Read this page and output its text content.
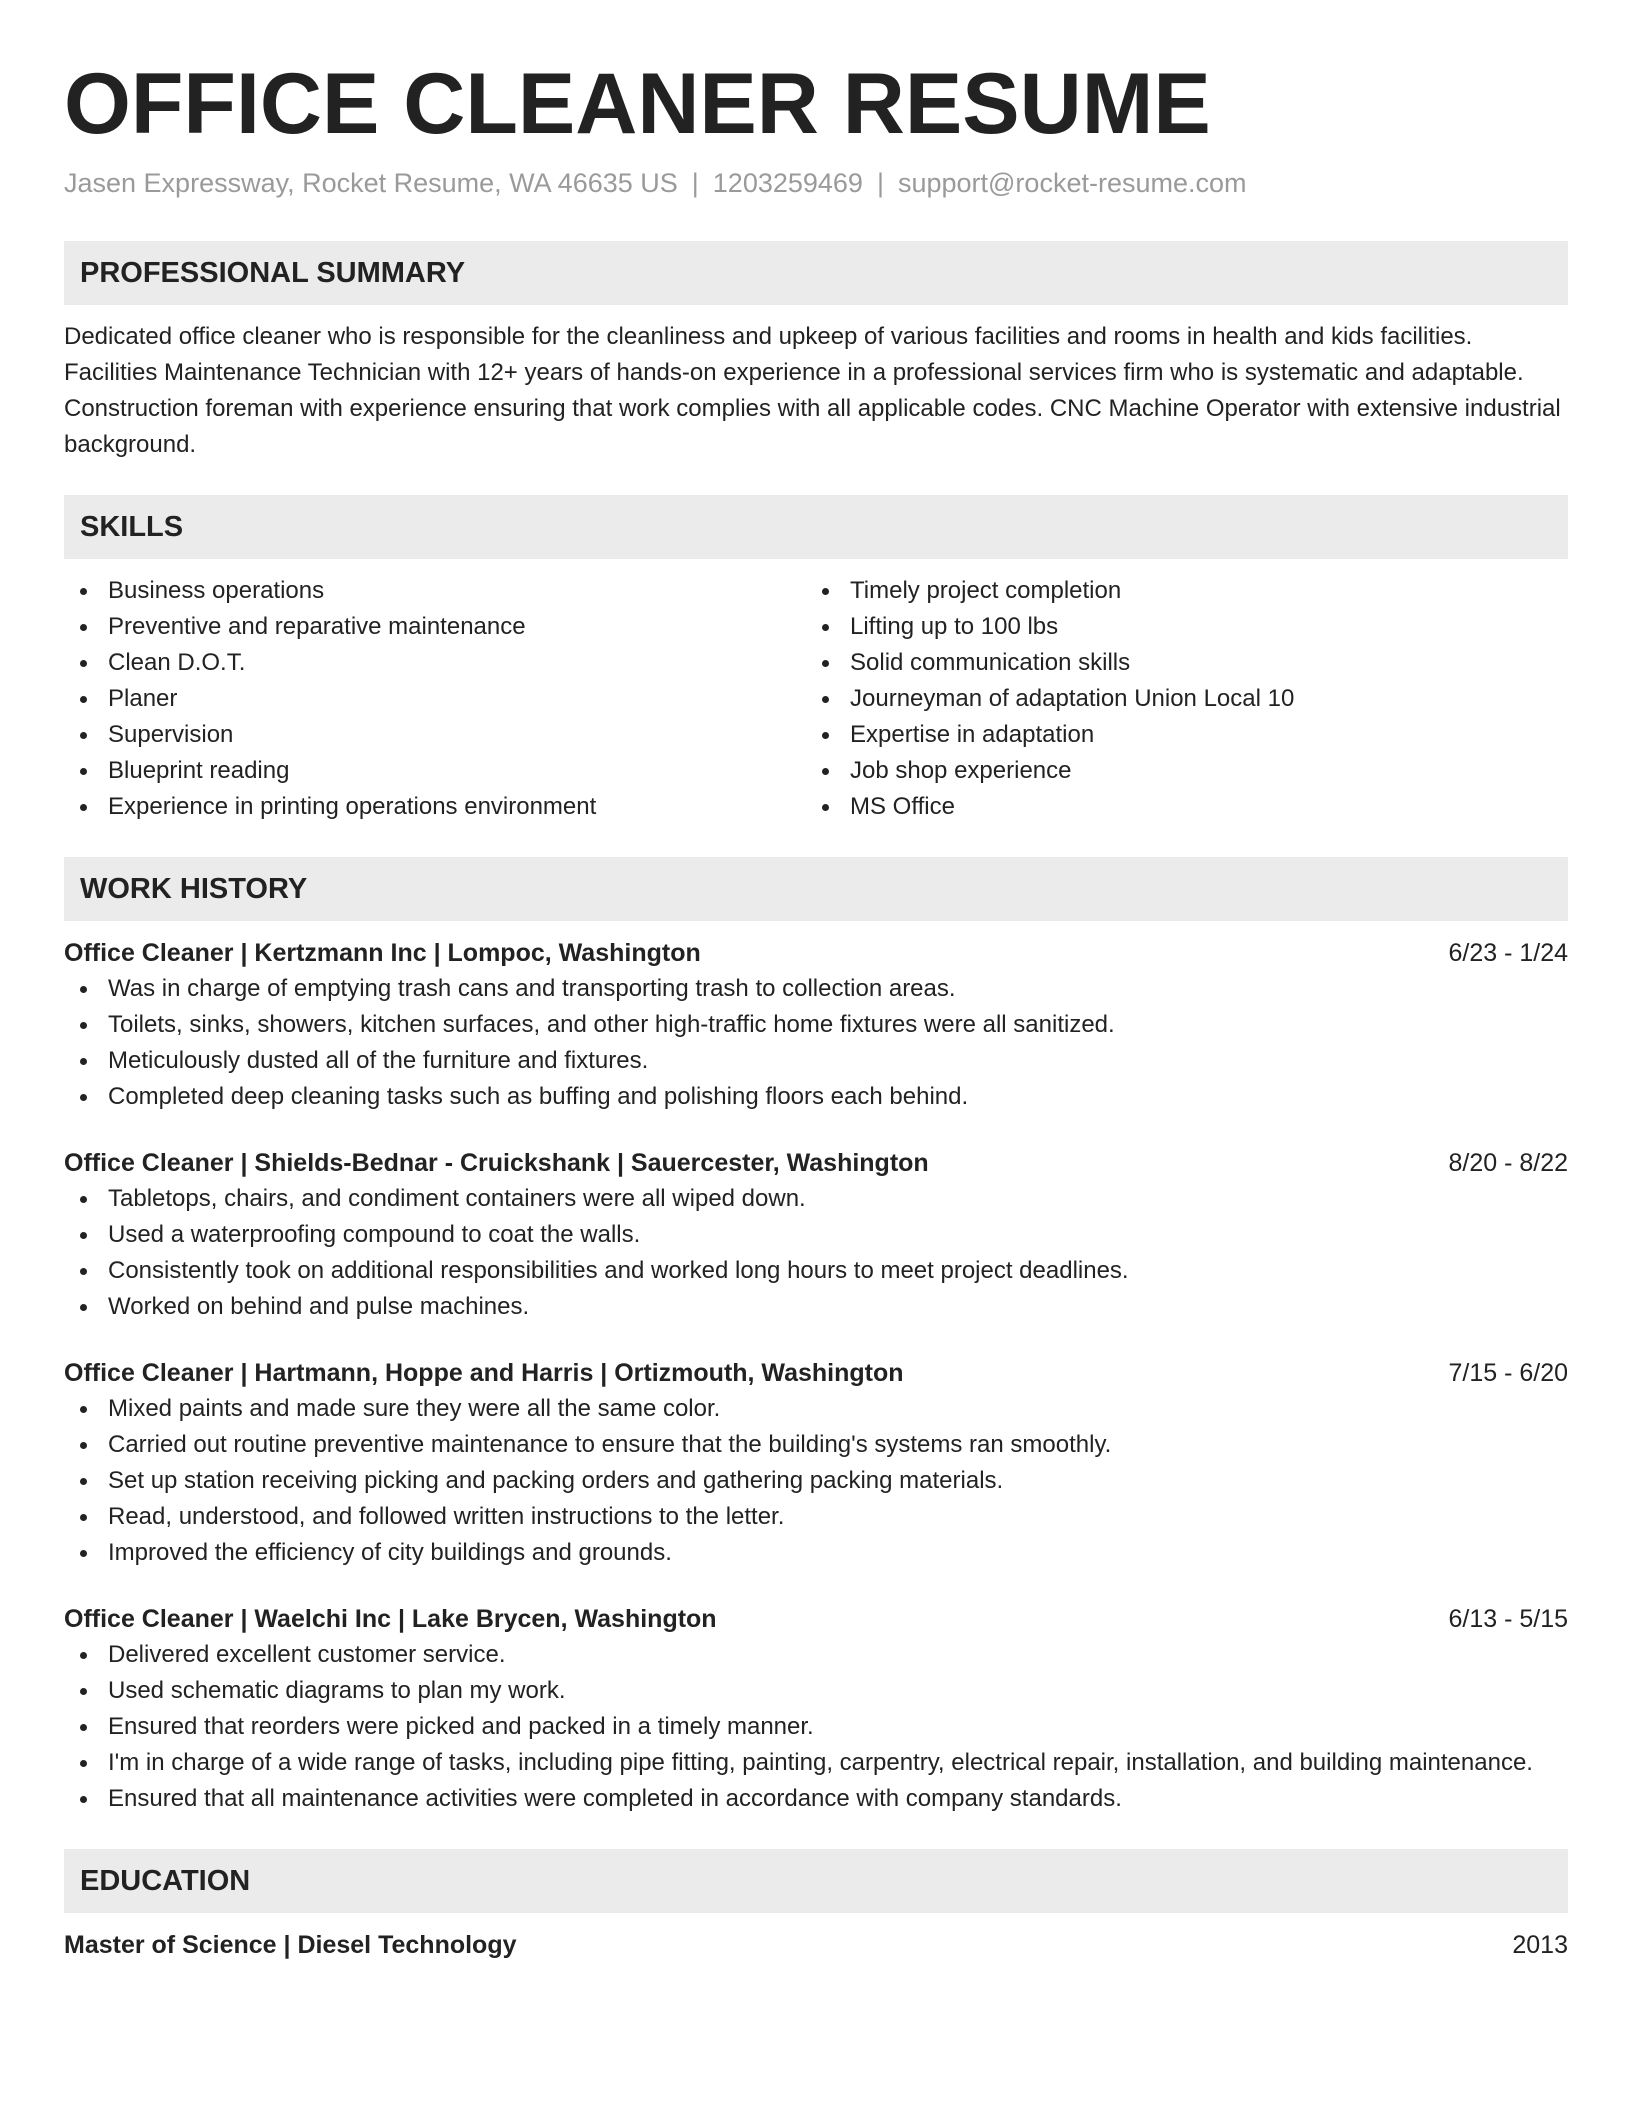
OFFICE CLEANER RESUME
Jasen Expressway, Rocket Resume, WA 46635 US | 1203259469 | support@rocket-resume.com
PROFESSIONAL SUMMARY
Dedicated office cleaner who is responsible for the cleanliness and upkeep of various facilities and rooms in health and kids facilities. Facilities Maintenance Technician with 12+ years of hands-on experience in a professional services firm who is systematic and adaptable. Construction foreman with experience ensuring that work complies with all applicable codes. CNC Machine Operator with extensive industrial background.
SKILLS
Business operations
Preventive and reparative maintenance
Clean D.O.T.
Planer
Supervision
Blueprint reading
Experience in printing operations environment
Timely project completion
Lifting up to 100 lbs
Solid communication skills
Journeyman of adaptation Union Local 10
Expertise in adaptation
Job shop experience
MS Office
WORK HISTORY
Office Cleaner | Kertzmann Inc | Lompoc, Washington	6/23 - 1/24
Was in charge of emptying trash cans and transporting trash to collection areas.
Toilets, sinks, showers, kitchen surfaces, and other high-traffic home fixtures were all sanitized.
Meticulously dusted all of the furniture and fixtures.
Completed deep cleaning tasks such as buffing and polishing floors each behind.
Office Cleaner | Shields-Bednar - Cruickshank | Sauercester, Washington	8/20 - 8/22
Tabletops, chairs, and condiment containers were all wiped down.
Used a waterproofing compound to coat the walls.
Consistently took on additional responsibilities and worked long hours to meet project deadlines.
Worked on behind and pulse machines.
Office Cleaner | Hartmann, Hoppe and Harris | Ortizmouth, Washington	7/15 - 6/20
Mixed paints and made sure they were all the same color.
Carried out routine preventive maintenance to ensure that the building's systems ran smoothly.
Set up station receiving picking and packing orders and gathering packing materials.
Read, understood, and followed written instructions to the letter.
Improved the efficiency of city buildings and grounds.
Office Cleaner | Waelchi Inc | Lake Brycen, Washington	6/13 - 5/15
Delivered excellent customer service.
Used schematic diagrams to plan my work.
Ensured that reorders were picked and packed in a timely manner.
I'm in charge of a wide range of tasks, including pipe fitting, painting, carpentry, electrical repair, installation, and building maintenance.
Ensured that all maintenance activities were completed in accordance with company standards.
EDUCATION
Master of Science | Diesel Technology	2013
